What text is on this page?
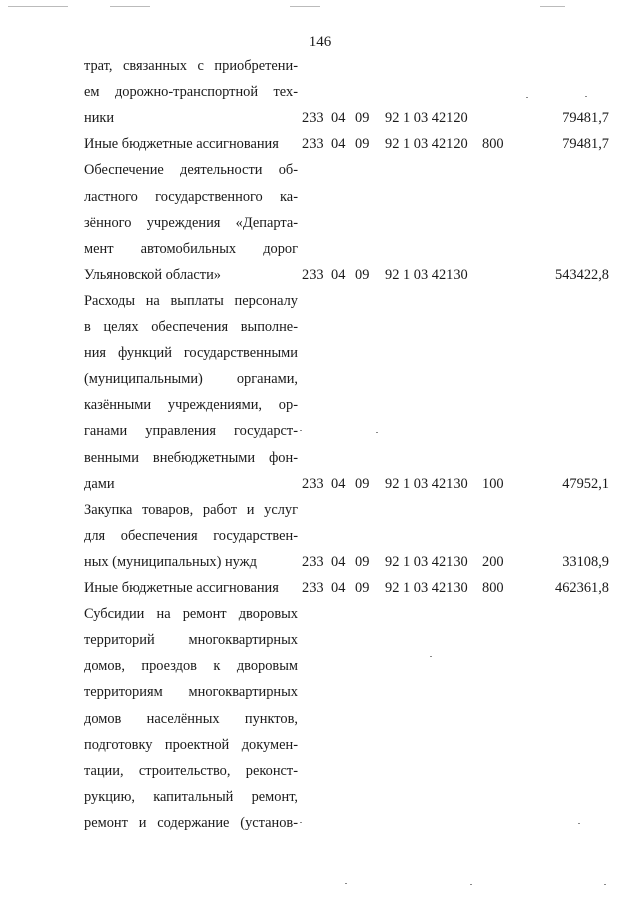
146
трат, связанных с приобретени-
ем дорожно-транспортной тех-
ники	233 04 09 92 1 03 42120	79481,7
Иные бюджетные ассигнования	233 04 09 92 1 03 42120 800	79481,7
Обеспечение деятельности об-
ластного государственного ка-
зённого учреждения «Департа-
мент автомобильных дорог
Ульяновской области»	233 04 09 92 1 03 42130	543422,8
Расходы на выплаты персоналу
в целях обеспечения выполне-
ния функций государственными
(муниципальными) органами,
казёнными учреждениями, ор-
ганами управления государст-
венными внебюджетными фон-
дами	233 04 09 92 1 03 42130 100	47952,1
Закупка товаров, работ и услуг
для обеспечения государствен-
ных (муниципальных) нужд	233 04 09 92 1 03 42130 200	33108,9
Иные бюджетные ассигнования	233 04 09 92 1 03 42130 800	462361,8
Субсидии на ремонт дворовых
территорий многоквартирных
домов, проездов к дворовым
территориям многоквартирных
домов населённых пунктов,
подготовку проектной докумен-
тации, строительство, реконст-
рукцию, капитальный ремонт,
ремонт и содержание (установ-
